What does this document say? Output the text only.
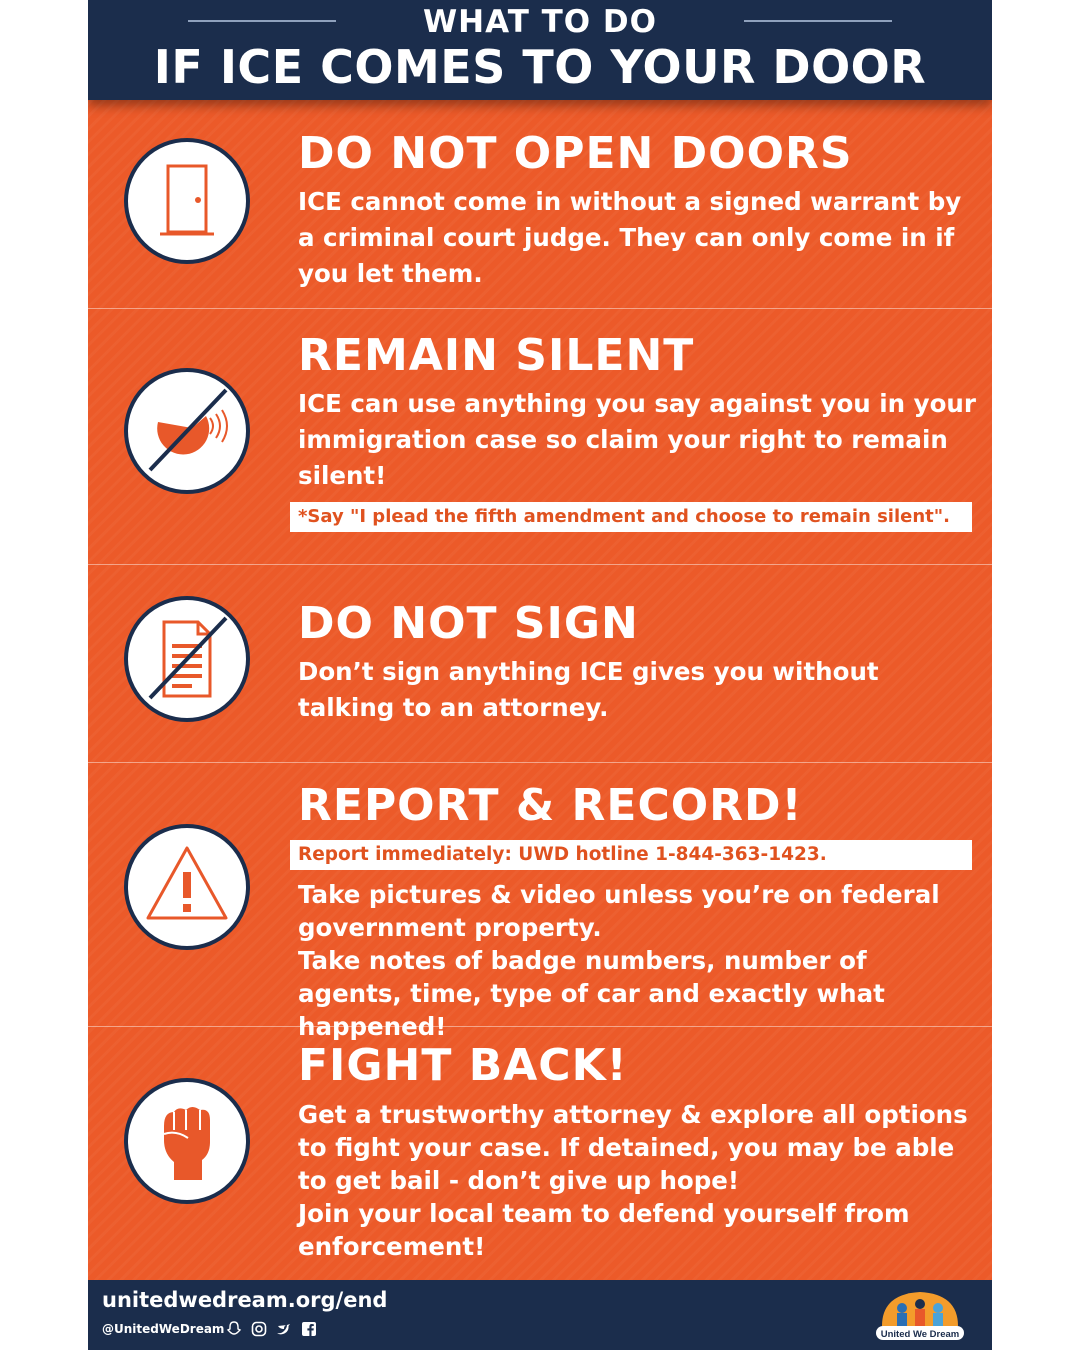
WHAT TO DO
IF ICE COMES TO YOUR DOOR
DO NOT OPEN DOORS

ICE cannot come in without a signed warrant by a criminal court judge. They can only come in if you let them.

REMAIN SILENT

ICE can use anything you say against you in your immigration case so claim your right to remain silent!

*Say "I plead the fifth amendment and choose to remain silent".
DO NOT SIGN

Don’t sign anything ICE gives you without talking to an attorney.

REPORT & RECORD!
Report immediately: UWD hotline 1-844-363-1423.

Take pictures & video unless you’re on federal government property.

Take notes of badge numbers, number of agents, time, type of car and exactly what happened!

FIGHT BACK!

Get a trustworthy attorney & explore all options to fight your case. If detained, you may be able to get bail - don’t give up hope!

Join your local team to defend yourself from enforcement!

unitedwedream.org/end
@UnitedWeDream
	United We Dream
